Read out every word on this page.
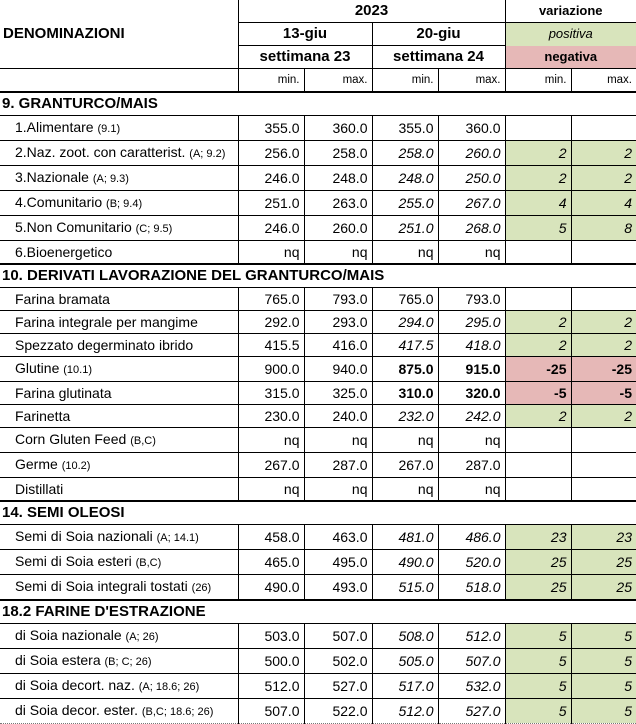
DENOMINAZIONI	2023				variazione	
	13-giu		20-giu		positiva	
	settimana 23		settimana 24		negativa	
	min.	max.	min.	max.	min.	max.
9. GRANTURCO/MAIS						
1.Alimentare (9.1)	355.0	360.0	355.0	360.0		
2.Naz. zoot. con caratterist. (A; 9.2)	256.0	258.0	258.0	260.0	2	2
3.Nazionale (A; 9.3)	246.0	248.0	248.0	250.0	2	2
4.Comunitario (B; 9.4)	251.0	263.0	255.0	267.0	4	4
5.Non Comunitario (C; 9.5)	246.0	260.0	251.0	268.0	5	8
6.Bioenergetico	nq	nq	nq	nq		
10. DERIVATI LAVORAZIONE DEL GRANTURCO/MAIS						
Farina bramata	765.0	793.0	765.0	793.0		
Farina integrale per mangime	292.0	293.0	294.0	295.0	2	2
Spezzato degerminato ibrido	415.5	416.0	417.5	418.0	2	2
Glutine (10.1)	900.0	940.0	875.0	915.0	-25	-25
Farina glutinata	315.0	325.0	310.0	320.0	-5	-5
Farinetta	230.0	240.0	232.0	242.0	2	2
Corn Gluten Feed (B,C)	nq	nq	nq	nq		
Germe (10.2)	267.0	287.0	267.0	287.0		
Distillati	nq	nq	nq	nq		
14. SEMI OLEOSI						
Semi di Soia nazionali (A; 14.1)	458.0	463.0	481.0	486.0	23	23
Semi di Soia esteri (B,C)	465.0	495.0	490.0	520.0	25	25
Semi di Soia integrali tostati (26)	490.0	493.0	515.0	518.0	25	25
18.2 FARINE D'ESTRAZIONE						
di Soia nazionale (A; 26)	503.0	507.0	508.0	512.0	5	5
di Soia estera (B; C; 26)	500.0	502.0	505.0	507.0	5	5
di Soia decort. naz. (A; 18.6; 26)	512.0	527.0	517.0	532.0	5	5
di Soia decor. ester. (B,C; 18.6; 26)	507.0	522.0	512.0	527.0	5	5
